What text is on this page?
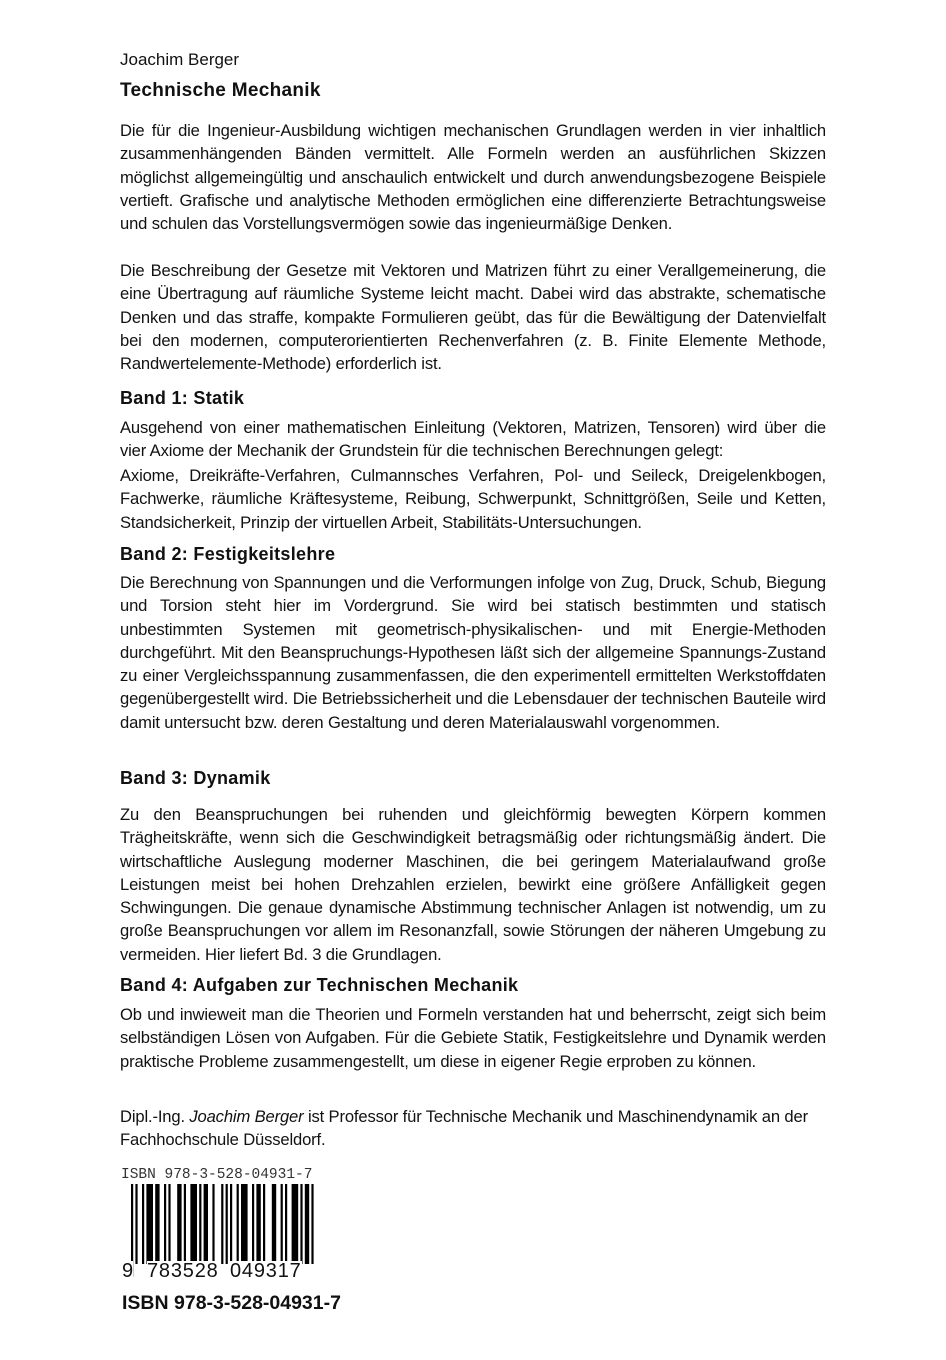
Joachim Berger
Technische Mechanik
Die für die Ingenieur-Ausbildung wichtigen mechanischen Grundlagen werden in vier inhaltlich zusammenhängenden Bänden vermittelt. Alle Formeln werden an ausführlichen Skizzen möglichst allgemeingültig und anschaulich entwickelt und durch anwendungsbezogene Beispiele vertieft. Grafische und analytische Methoden ermöglichen eine differenzierte Betrachtungsweise und schulen das Vorstellungsvermögen sowie das ingenieurmäßige Denken.
Die Beschreibung der Gesetze mit Vektoren und Matrizen führt zu einer Verallgemeinerung, die eine Übertragung auf räumliche Systeme leicht macht. Dabei wird das abstrakte, schematische Denken und das straffe, kompakte Formulieren geübt, das für die Bewältigung der Datenvielfalt bei den modernen, computerorientierten Rechenverfahren (z. B. Finite Elemente Methode, Randwertelemente-Methode) erforderlich ist.
Band 1: Statik
Ausgehend von einer mathematischen Einleitung (Vektoren, Matrizen, Tensoren) wird über die vier Axiome der Mechanik der Grundstein für die technischen Berechnungen gelegt:
Axiome, Dreikräfte-Verfahren, Culmannsches Verfahren, Pol- und Seileck, Dreigelenkbogen, Fachwerke, räumliche Kräftesysteme, Reibung, Schwerpunkt, Schnittgrößen, Seile und Ketten, Standsicherkeit, Prinzip der virtuellen Arbeit, Stabilitäts-Untersuchungen.
Band 2: Festigkeitslehre
Die Berechnung von Spannungen und die Verformungen infolge von Zug, Druck, Schub, Biegung und Torsion steht hier im Vordergrund. Sie wird bei statisch bestimmten und statisch unbestimmten Systemen mit geometrisch-physikalischen- und mit Energie-Methoden durchgeführt. Mit den Beanspruchungs-Hypothesen läßt sich der allgemeine Spannungs-Zustand zu einer Vergleichsspannung zusammenfassen, die den experimentell ermittelten Werkstoffdaten gegenübergestellt wird. Die Betriebssicherheit und die Lebensdauer der technischen Bauteile wird damit untersucht bzw. deren Gestaltung und deren Materialauswahl vorgenommen.
Band 3: Dynamik
Zu den Beanspruchungen bei ruhenden und gleichförmig bewegten Körpern kommen Trägheitskräfte, wenn sich die Geschwindigkeit betragsmäßig oder richtungsmäßig ändert. Die wirtschaftliche Auslegung moderner Maschinen, die bei geringem Materialaufwand große Leistungen meist bei hohen Drehzahlen erzielen, bewirkt eine größere Anfälligkeit gegen Schwingungen. Die genaue dynamische Abstimmung technischer Anlagen ist notwendig, um zu große Beanspruchungen vor allem im Resonanzfall, sowie Störungen der näheren Umgebung zu vermeiden. Hier liefert Bd. 3 die Grundlagen.
Band 4: Aufgaben zur Technischen Mechanik
Ob und inwieweit man die Theorien und Formeln verstanden hat und beherrscht, zeigt sich beim selbständigen Lösen von Aufgaben. Für die Gebiete Statik, Festigkeitslehre und Dynamik werden praktische Probleme zusammengestellt, um diese in eigener Regie erproben zu können.
Dipl.-Ing. Joachim Berger ist Professor für Technische Mechanik und Maschinendynamik an der Fachhochschule Düsseldorf.
ISBN 978-3-528-04931-7
9 783528 049317
ISBN 978-3-528-04931-7
